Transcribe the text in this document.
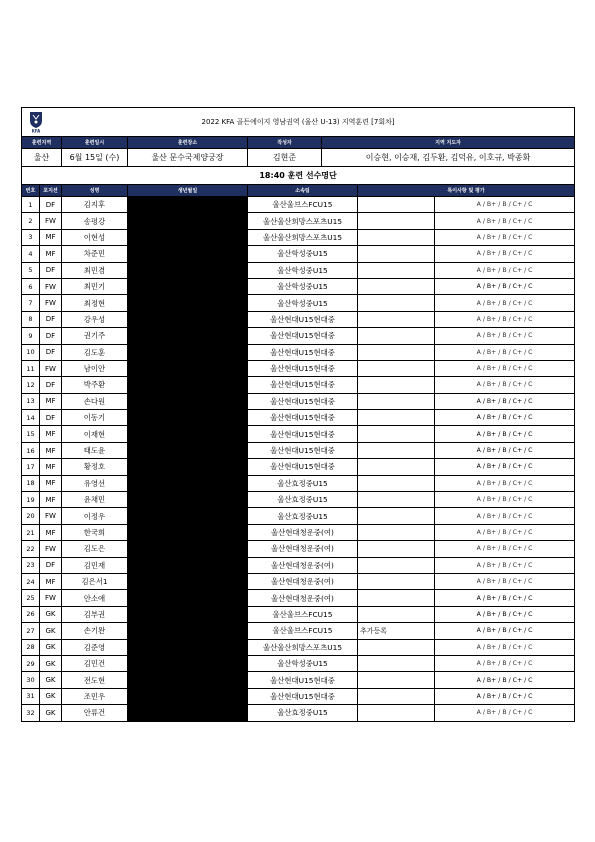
KFA
2022 KFA 골든에이지 영남권역 (울산 U-13) 지역훈련 [7회차]							
훈련지역		훈련일시	훈련장소	작성자	지역 지도자		
울산		6월 15일 (수)	울산 문수국제양궁장	김현준	이승현, 이승재, 김두환, 김덕유, 이호규, 박종화		
18:40 훈련 선수명단							
번호	포지션	성명	생년월일	소속팀		특이사항 및 평가	
1	DF	김지후		울산울브스FCU15			A / B+ / B / C+ / C
2	FW	송평강		울산울산희망스포츠U15			A / B+ / B / C+ / C
3	MF	이현성		울산울산희망스포츠U15			A / B+ / B / C+ / C
4	MF	차준민		울산학성중U15			A / B+ / B / C+ / C
5	DF	최민겸		울산학성중U15			A / B+ / B / C+ / C
6	FW	최민기		울산학성중U15			A / B+ / B / C+ / C
7	FW	최정현		울산학성중U15			A / B+ / B / C+ / C
8	DF	강우성		울산현대U15현대중			A / B+ / B / C+ / C
9	DF	권기주		울산현대U15현대중			A / B+ / B / C+ / C
10	DF	김도훈		울산현대U15현대중			A / B+ / B / C+ / C
11	FW	남이안		울산현대U15현대중			A / B+ / B / C+ / C
12	DF	박주환		울산현대U15현대중			A / B+ / B / C+ / C
13	MF	손다원		울산현대U15현대중			A / B+ / B / C+ / C
14	DF	이동기		울산현대U15현대중			A / B+ / B / C+ / C
15	MF	이재현		울산현대U15현대중			A / B+ / B / C+ / C
16	MF	태도윤		울산현대U15현대중			A / B+ / B / C+ / C
17	MF	황정호		울산현대U15현대중			A / B+ / B / C+ / C
18	MF	유영선		울산효정중U15			A / B+ / B / C+ / C
19	MF	윤채민		울산효정중U15			A / B+ / B / C+ / C
20	FW	이정우		울산효정중U15			A / B+ / B / C+ / C
21	MF	한국희		울산현대청운중(여)			A / B+ / B / C+ / C
22	FW	김도은		울산현대청운중(여)			A / B+ / B / C+ / C
23	DF	김민재		울산현대청운중(여)			A / B+ / B / C+ / C
24	MF	김은서1		울산현대청운중(여)			A / B+ / B / C+ / C
25	FW	안소애		울산현대청운중(여)			A / B+ / B / C+ / C
26	GK	김부권		울산울브스FCU15			A / B+ / B / C+ / C
27	GK	손기완		울산울브스FCU15		추가등록	A / B+ / B / C+ / C
28	GK	김준영		울산울산희망스포츠U15			A / B+ / B / C+ / C
29	GK	김민건		울산학성중U15			A / B+ / B / C+ / C
30	GK	전도현		울산현대U15현대중			A / B+ / B / C+ / C
31	GK	조민우		울산현대U15현대중			A / B+ / B / C+ / C
32	GK	안류건		울산효정중U15			A / B+ / B / C+ / C
